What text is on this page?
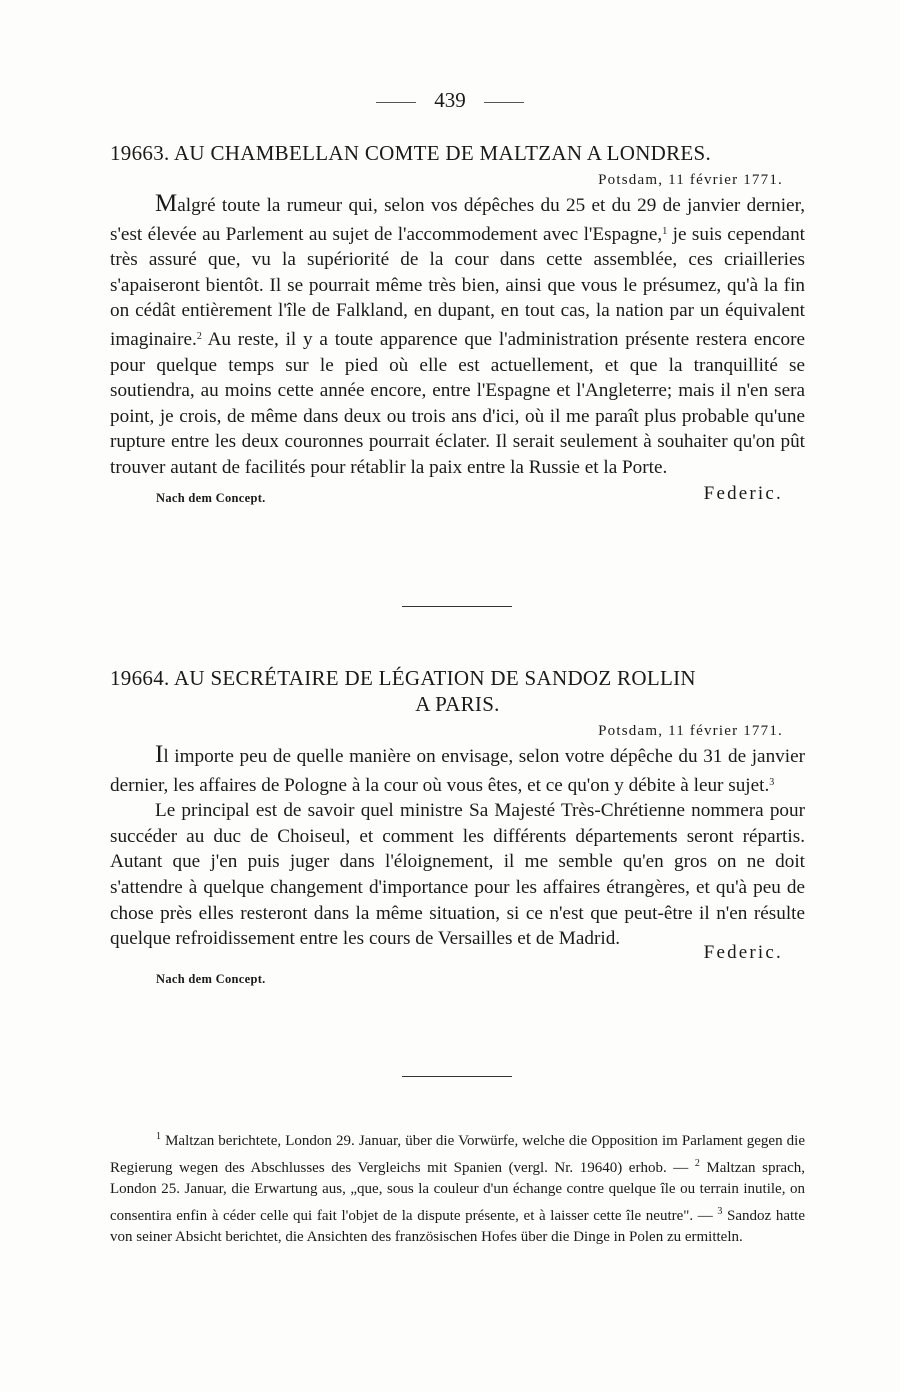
439
19663. AU CHAMBELLAN COMTE DE MALTZAN A LONDRES.
Potsdam, 11 février 1771.

Malgré toute la rumeur qui, selon vos dépêches du 25 et du 29 de janvier dernier, s'est élevée au Parlement au sujet de l'accommodement avec l'Espagne,$^1$ je suis cependant très assuré que, vu la supériorité de la cour dans cette assemblée, ces criailleries s'apaiseront bientôt. Il se pourrait même très bien, ainsi que vous le présumez, qu'à la fin on cédât entièrement l'île de Falkland, en dupant, en tout cas, la nation par un équivalent imaginaire.$^2$ Au reste, il y a toute apparence que l'administration présente restera encore pour quelque temps sur le pied où elle est actuellement, et que la tranquillité se soutiendra, au moins cette année encore, entre l'Espagne et l'Angleterre; mais il n'en sera point, je crois, de même dans deux ou trois ans d'ici, où il me paraît plus probable qu'une rupture entre les deux couronnes pourrait éclater. Il serait seulement à souhaiter qu'on pût trouver autant de facilités pour rétablir la paix entre la Russie et la Porte.

Nach dem Concept.	Federic.
19664. AU SECRÉTAIRE DE LÉGATION DE SANDOZ ROLLIN
A PARIS.
Potsdam, 11 février 1771.

Il importe peu de quelle manière on envisage, selon votre dépêche du 31 de janvier dernier, les affaires de Pologne à la cour où vous êtes, et ce qu'on y débite à leur sujet.$^3$

Le principal est de savoir quel ministre Sa Majesté Très-Chrétienne nommera pour succéder au duc de Choiseul, et comment les différents départements seront répartis. Autant que j'en puis juger dans l'éloignement, il me semble qu'en gros on ne doit s'attendre à quelque changement d'importance pour les affaires étrangères, et qu'à peu de chose près elles resteront dans la même situation, si ce n'est que peut-être il n'en résulte quelque refroidissement entre les cours de Versailles et de Madrid.

Federic.
Nach dem Concept.

$^1$ Maltzan berichtete, London 29. Januar, über die Vorwürfe, welche die Opposition im Parlament gegen die Regierung wegen des Abschlusses des Vergleichs mit Spanien (vergl. Nr. 19640) erhob. — $^2$ Maltzan sprach, London 25. Januar, die Erwartung aus, „que, sous la couleur d'un échange contre quelque île ou terrain inutile, on consentira enfin à céder celle qui fait l'objet de la dispute présente, et à laisser cette île neutre". — $^3$ Sandoz hatte von seiner Absicht berichtet, die Ansichten des französischen Hofes über die Dinge in Polen zu ermitteln.
